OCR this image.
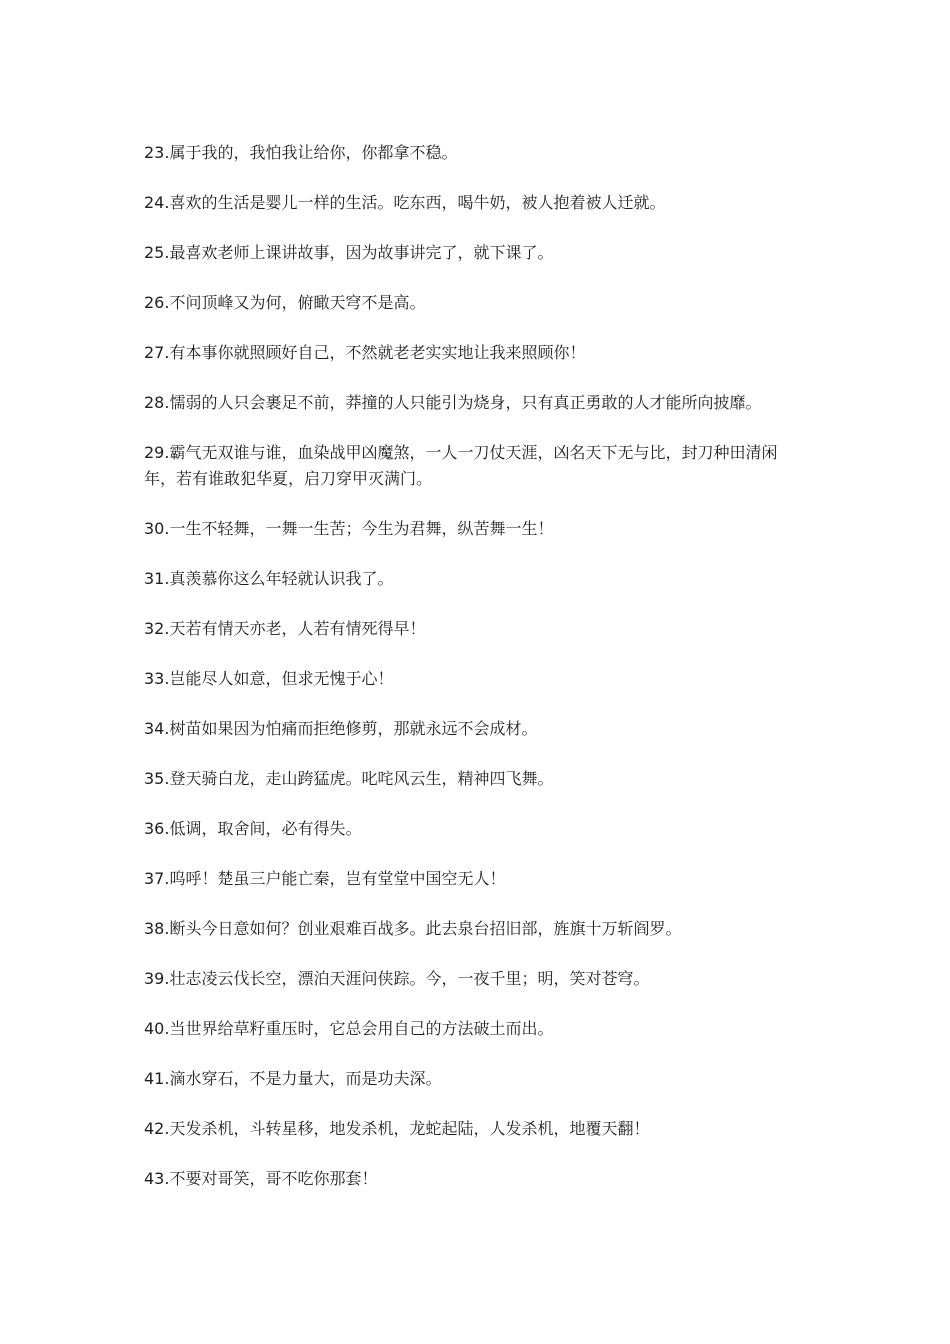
23.属于我的，我怕我让给你，你都拿不稳。

24.喜欢的生活是婴儿一样的生活。吃东西，喝牛奶，被人抱着被人迁就。

25.最喜欢老师上课讲故事，因为故事讲完了，就下课了。

26.不问顶峰又为何，俯瞰天穹不是高。

27.有本事你就照顾好自己，不然就老老实实地让我来照顾你！

28.懦弱的人只会裹足不前，莽撞的人只能引为烧身，只有真正勇敢的人才能所向披靡。

29.霸气无双谁与谁，血染战甲凶魔煞，一人一刀仗天涯，凶名天下无与比，封刀种田清闲年，若有谁敢犯华夏，启刀穿甲灭满门。

30.一生不轻舞，一舞一生苦；今生为君舞，纵苦舞一生！

31.真羡慕你这么年轻就认识我了。

32.天若有情天亦老，人若有情死得早！

33.岂能尽人如意，但求无愧于心！

34.树苗如果因为怕痛而拒绝修剪，那就永远不会成材。

35.登天骑白龙，走山跨猛虎。叱咤风云生，精神四飞舞。

36.低调，取舍间，必有得失。

37.呜呼！楚虽三户能亡秦，岂有堂堂中国空无人！

38.断头今日意如何？创业艰难百战多。此去泉台招旧部，旌旗十万斩阎罗。

39.壮志凌云伐长空，漂泊天涯问侠踪。今，一夜千里；明，笑对苍穹。

40.当世界给草籽重压时，它总会用自己的方法破土而出。

41.滴水穿石，不是力量大，而是功夫深。

42.天发杀机，斗转星移，地发杀机，龙蛇起陆，人发杀机，地覆天翻！

43.不要对哥笑，哥不吃你那套！
